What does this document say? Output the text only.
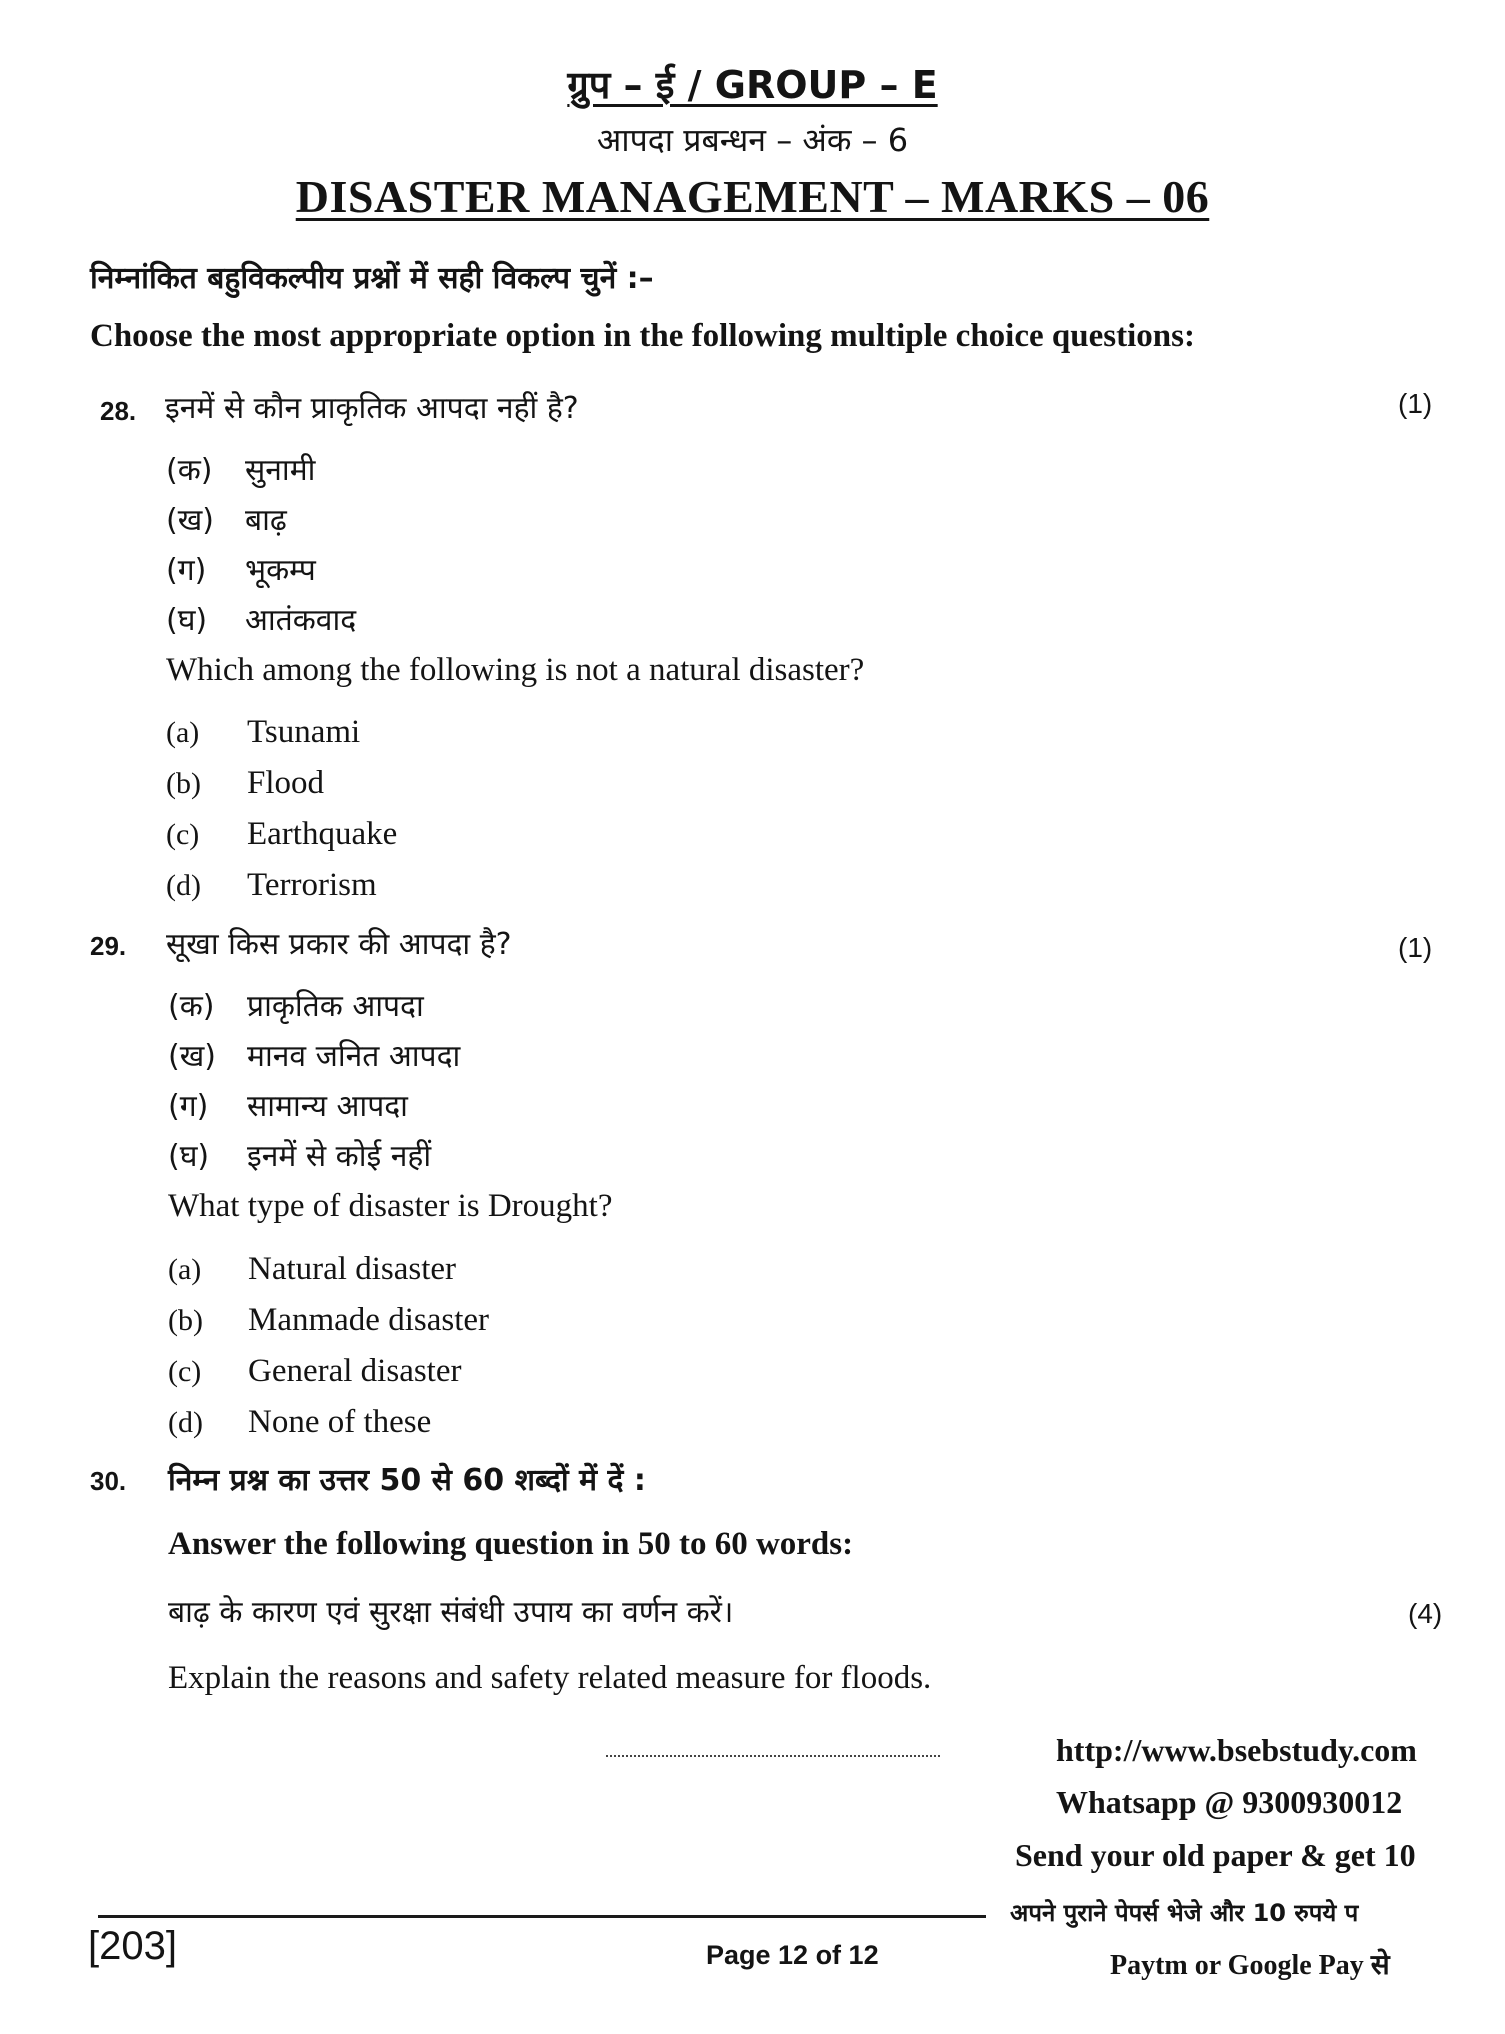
ग्रुप – ई / GROUP – E
आपदा प्रबन्धन – अंक – 6
DISASTER MANAGEMENT – MARKS – 06
निम्नांकित बहुविकल्पीय प्रश्नों में सही विकल्प चुनें :–
Choose the most appropriate option in the following multiple choice questions:
28. इनमें से कौन प्राकृतिक आपदा नहीं है?	(1)
(क) सुनामी
(ख) बाढ़
(ग) भूकम्प
(घ) आतंकवाद
Which among the following is not a natural disaster?
(a) Tsunami
(b) Flood
(c) Earthquake
(d) Terrorism
29. सूखा किस प्रकार की आपदा है?	(1)
(क) प्राकृतिक आपदा
(ख) मानव जनित आपदा
(ग) सामान्य आपदा
(घ) इनमें से कोई नहीं
What type of disaster is Drought?
(a) Natural disaster
(b) Manmade disaster
(c) General disaster
(d) None of these
30. निम्न प्रश्न का उत्तर 50 से 60 शब्दों में दें :
Answer the following question in 50 to 60 words:
बाढ़ के कारण एवं सुरक्षा संबंधी उपाय का वर्णन करें।	(4)
Explain the reasons and safety related measure for floods.
http://www.bsebstudy.com
Whatsapp @ 9300930012
Send your old paper & get 10
अपने पुराने पेपर्स भेजे और 10 रुपये प
Paytm or Google Pay से
[203]	Page 12 of 12
